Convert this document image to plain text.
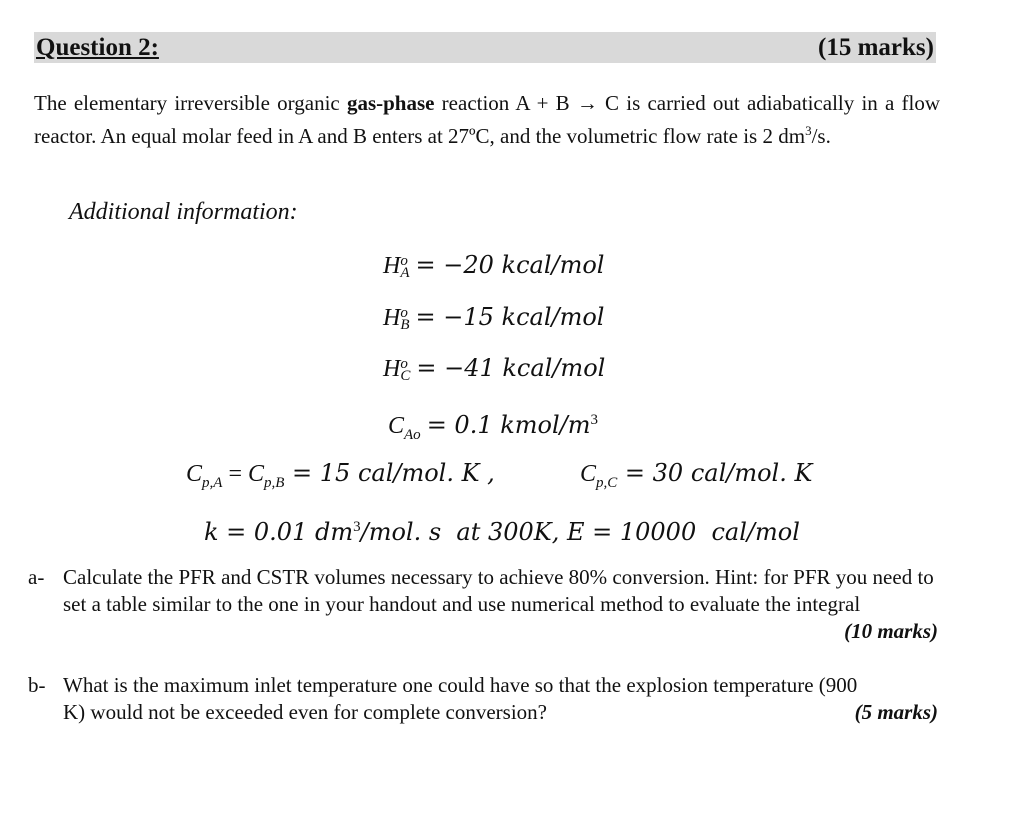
Question 2:	(15 marks)

The elementary irreversible organic gas-phase reaction A + B → C is carried out adiabatically in a flow reactor. An equal molar feed in A and B enters at 27ºC, and the volumetric flow rate is 2 $dm^3/s$.

Additional information:
H o
A = −20 kcal/mol
H o
B = −15 kcal/mol
H o
C = −41 kcal/mol
$C_{Ao} = 0.1$ kmol/$m^3$
$C_{p,A} = C_{p,B} = 15$ cal/mol. K ,	$C_{p,C} = 30$ cal/mol. K
k = 0.01 $dm^3$/mol. s  at 300K, E = 10000  cal/mol
a- Calculate the PFR and CSTR volumes necessary to achieve 80% conversion. Hint: for PFR you need to set a table similar to the one in your handout and use numerical method to evaluate the integral
(10 marks)
b- What is the maximum inlet temperature one could have so that the explosion temperature (900 K) would not be exceeded even for complete conversion?	(5 marks)
